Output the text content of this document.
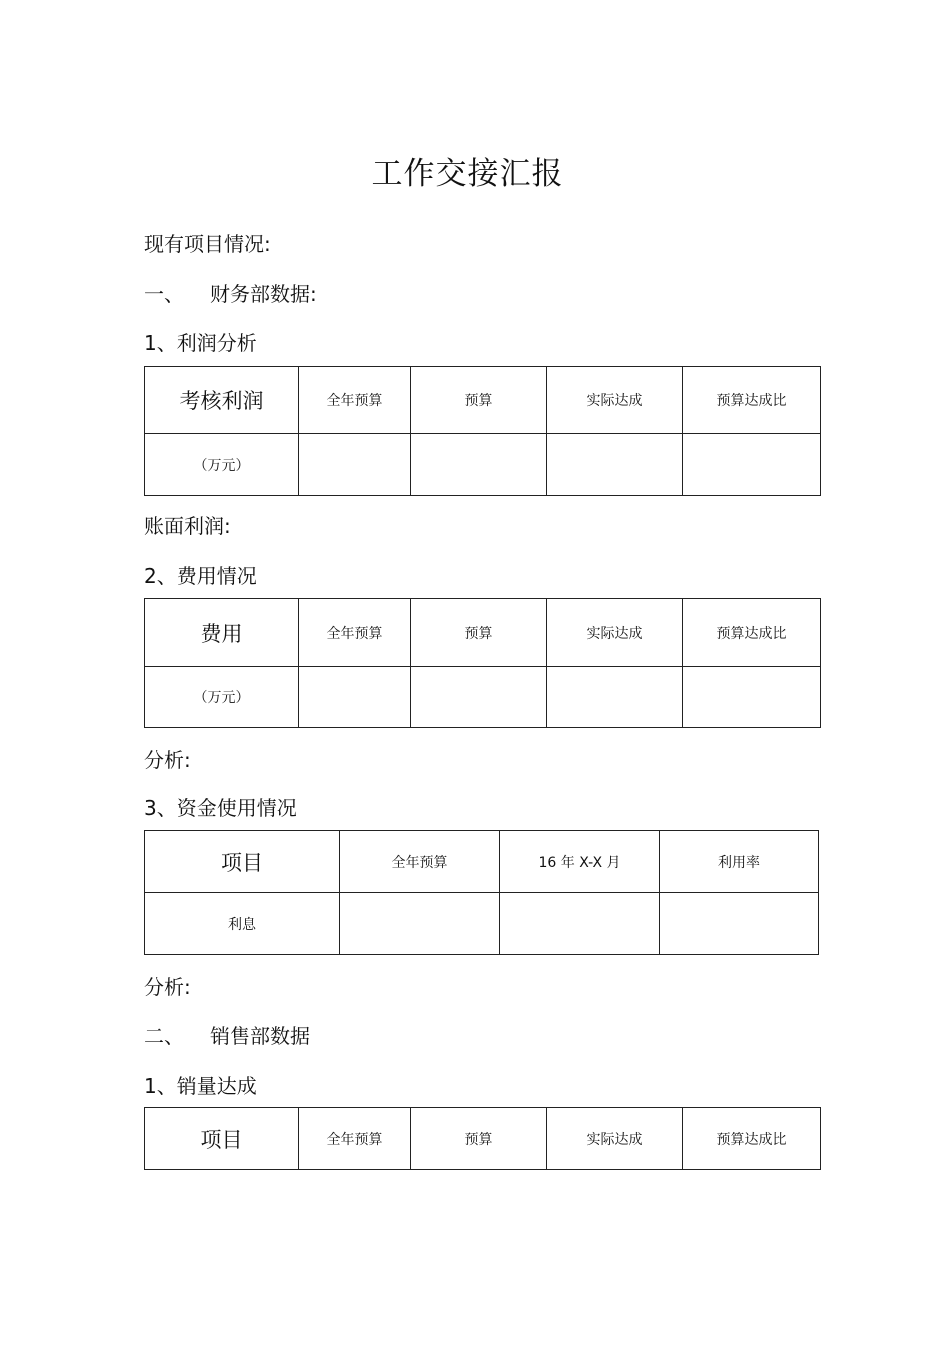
工作交接汇报
现有项目情况:
一、 财务部数据:
1、利润分析
考核利润	全年预算	预算	实际达成	预算达成比
（万元）				
账面利润:
2、费用情况
费用	全年预算	预算	实际达成	预算达成比
（万元）				
分析:
3、资金使用情况
项目	全年预算	16 年 X-X 月	利用率
利息			
分析:
二、 销售部数据
1、销量达成
项目	全年预算	预算	实际达成	预算达成比
